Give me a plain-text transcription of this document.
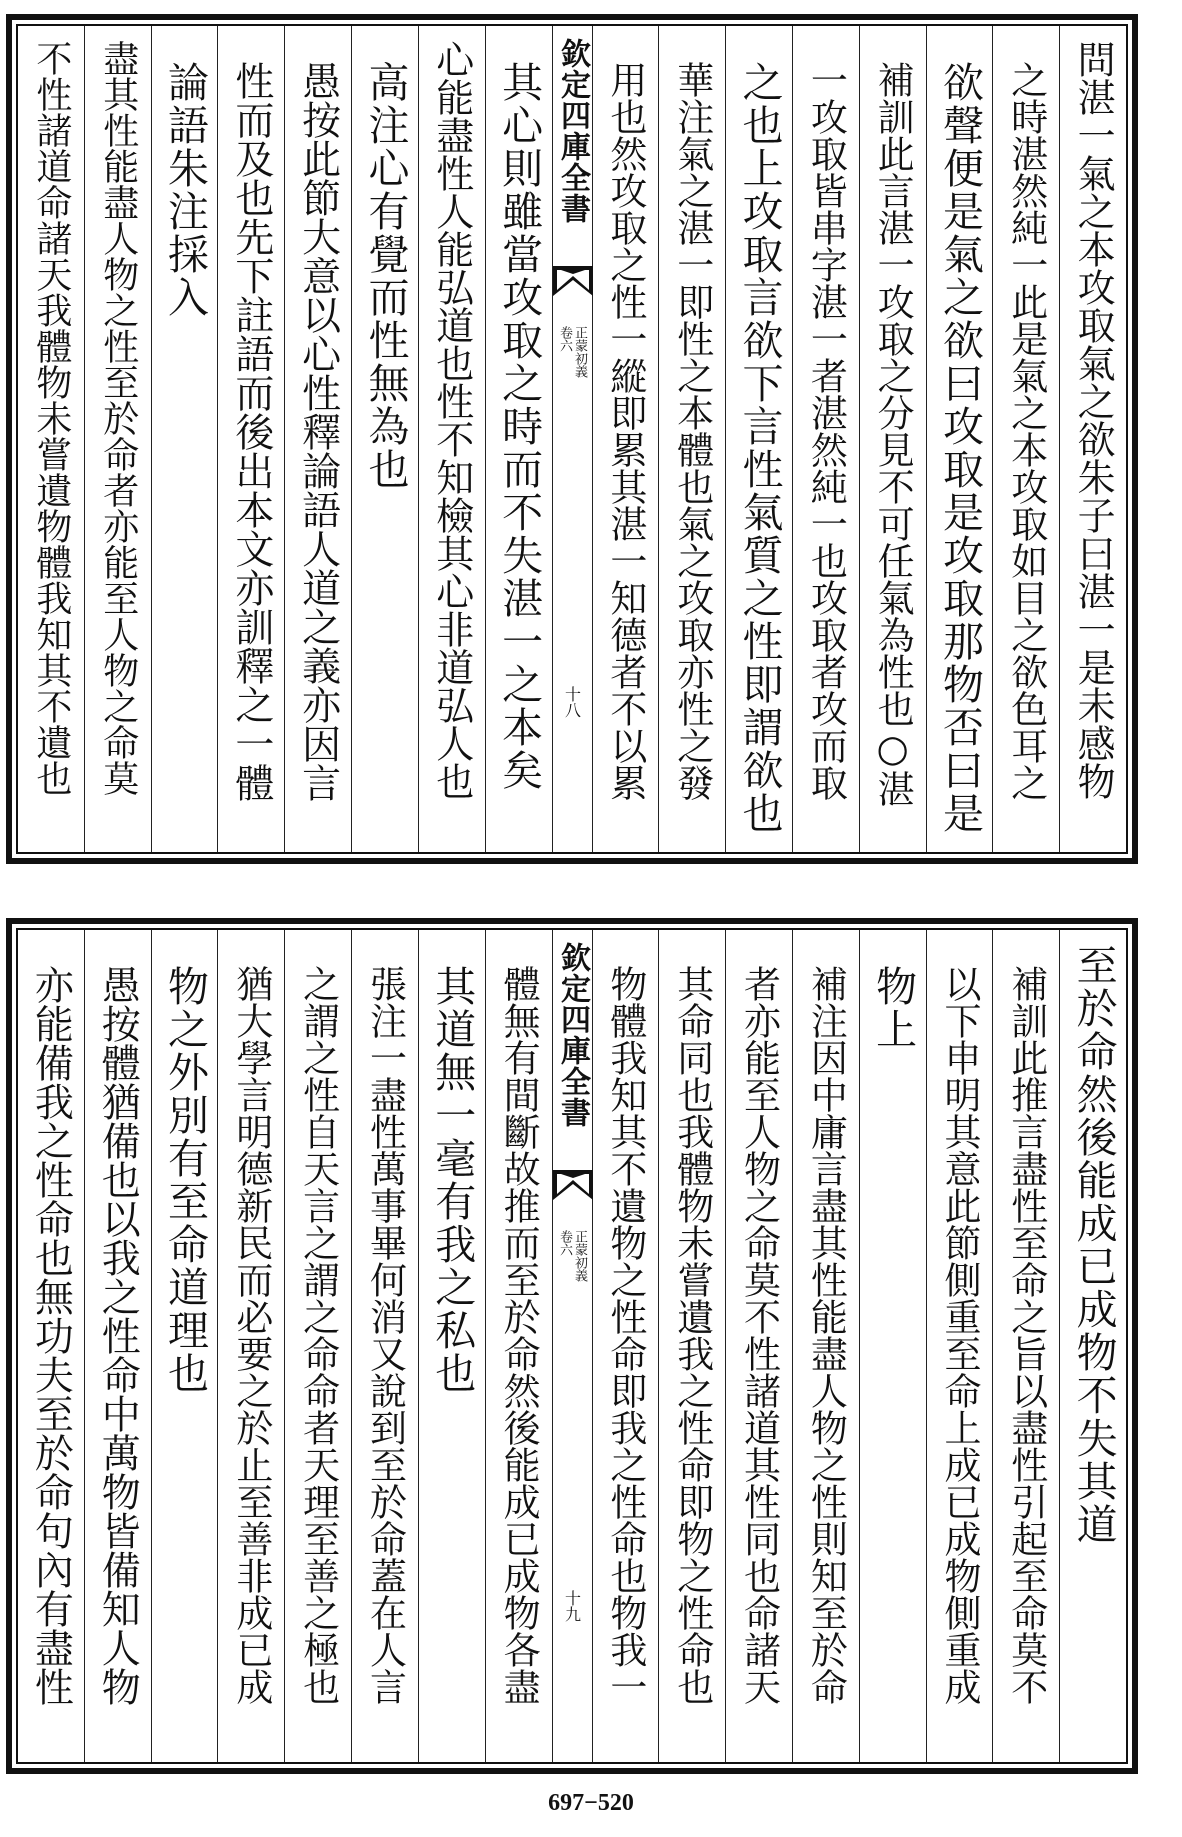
問湛一氣之本攻取氣之欲朱子曰湛一是未感物
之時湛然純一此是氣之本攻取如目之欲色耳之
欲聲便是氣之欲曰攻取是攻取那物否曰是
補訓此言湛一攻取之分見不可任氣為性也○湛
一攻取皆串字湛一者湛然純一也攻取者攻而取
之也上攻取言欲下言性氣質之性即謂欲也
華注氣之湛一即性之本體也氣之攻取亦性之發
用也然攻取之性一縱即累其湛一知德者不以累
欽定四庫全書
正蒙初義
卷六
十八
其心則雖當攻取之時而不失湛一之本矣
心能盡性人能弘道也性不知檢其心非道弘人也
高注心有覺而性無為也
愚按此節大意以心性釋論語人道之義亦因言
性而及也先下註語而後出本文亦訓釋之一體
論語朱注採入
盡其性能盡人物之性至於命者亦能至人物之命莫
不性諸道命諸天我體物未嘗遺物體我知其不遺也
至於命然後能成已成物不失其道
補訓此推言盡性至命之旨以盡性引起至命莫不
以下申明其意此節側重至命上成已成物側重成
物上
補注因中庸言盡其性能盡人物之性則知至於命
者亦能至人物之命莫不性諸道其性同也命諸天
其命同也我體物未嘗遺我之性命即物之性命也
物體我知其不遺物之性命即我之性命也物我一
欽定四庫全書
正蒙初義
卷六
十九
體無有間斷故推而至於命然後能成已成物各盡
其道無一毫有我之私也
張注一盡性萬事畢何消又說到至於命蓋在人言
之謂之性自天言之謂之命命者天理至善之極也
猶大學言明德新民而必要之於止至善非成已成
物之外別有至命道理也
愚按體猶備也以我之性命中萬物皆備知人物
亦能備我之性命也無功夫至於命句內有盡性
697−520
